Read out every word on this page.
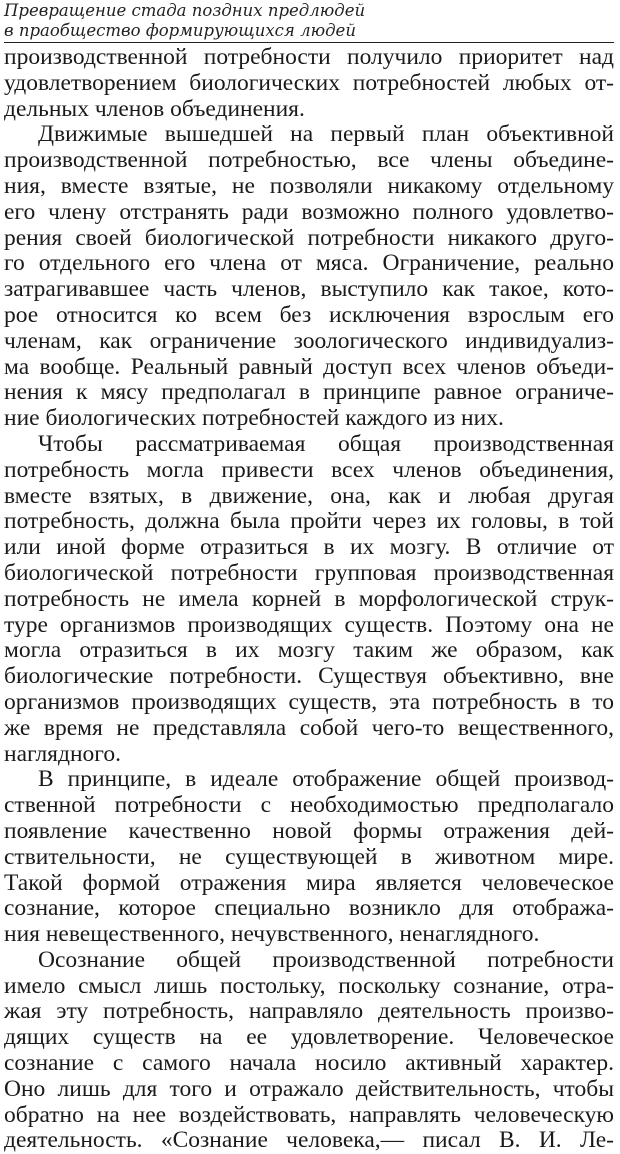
Превращение стада поздних предлюдей
в праобщество формирующихся людей
производственной потребности получило приоритет над
удовлетворением биологических потребностей любых от-
дельных членов объединения.
Движимые вышедшей на первый план объективной
производственной потребностью, все члены объедине-
ния, вместе взятые, не позволяли никакому отдельному
его члену отстранять ради возможно полного удовлетво-
рения своей биологической потребности никакого друго-
го отдельного его члена от мяса. Ограничение, реально
затрагивавшее часть членов, выступило как такое, кото-
рое относится ко всем без исключения взрослым его
членам, как ограничение зоологического индивидуализ-
ма вообще. Реальный равный доступ всех членов объеди-
нения к мясу предполагал в принципе равное ограниче-
ние биологических потребностей каждого из них.
Чтобы рассматриваемая общая производственная
потребность могла привести всех членов объединения,
вместе взятых, в движение, она, как и любая другая
потребность, должна была пройти через их головы, в той
или иной форме отразиться в их мозгу. В отличие от
биологической потребности групповая производственная
потребность не имела корней в морфологической струк-
туре организмов производящих существ. Поэтому она не
могла отразиться в их мозгу таким же образом, как
биологические потребности. Существуя объективно, вне
организмов производящих существ, эта потребность в то
же время не представляла собой чего-то вещественного,
наглядного.
В принципе, в идеале отображение общей производ-
ственной потребности с необходимостью предполагало
появление качественно новой формы отражения дей-
ствительности, не существующей в животном мире.
Такой формой отражения мира является человеческое
сознание, которое специально возникло для отобража-
ния невещественного, нечувственного, ненаглядного.
Осознание общей производственной потребности
имело смысл лишь постольку, поскольку сознание, отра-
жая эту потребность, направляло деятельность произво-
дящих существ на ее удовлетворение. Человеческое
сознание с самого начала носило активный характер.
Оно лишь для того и отражало действительность, чтобы
обратно на нее воздействовать, направлять человеческую
деятельность. «Сознание человека,— писал В. И. Ле-
